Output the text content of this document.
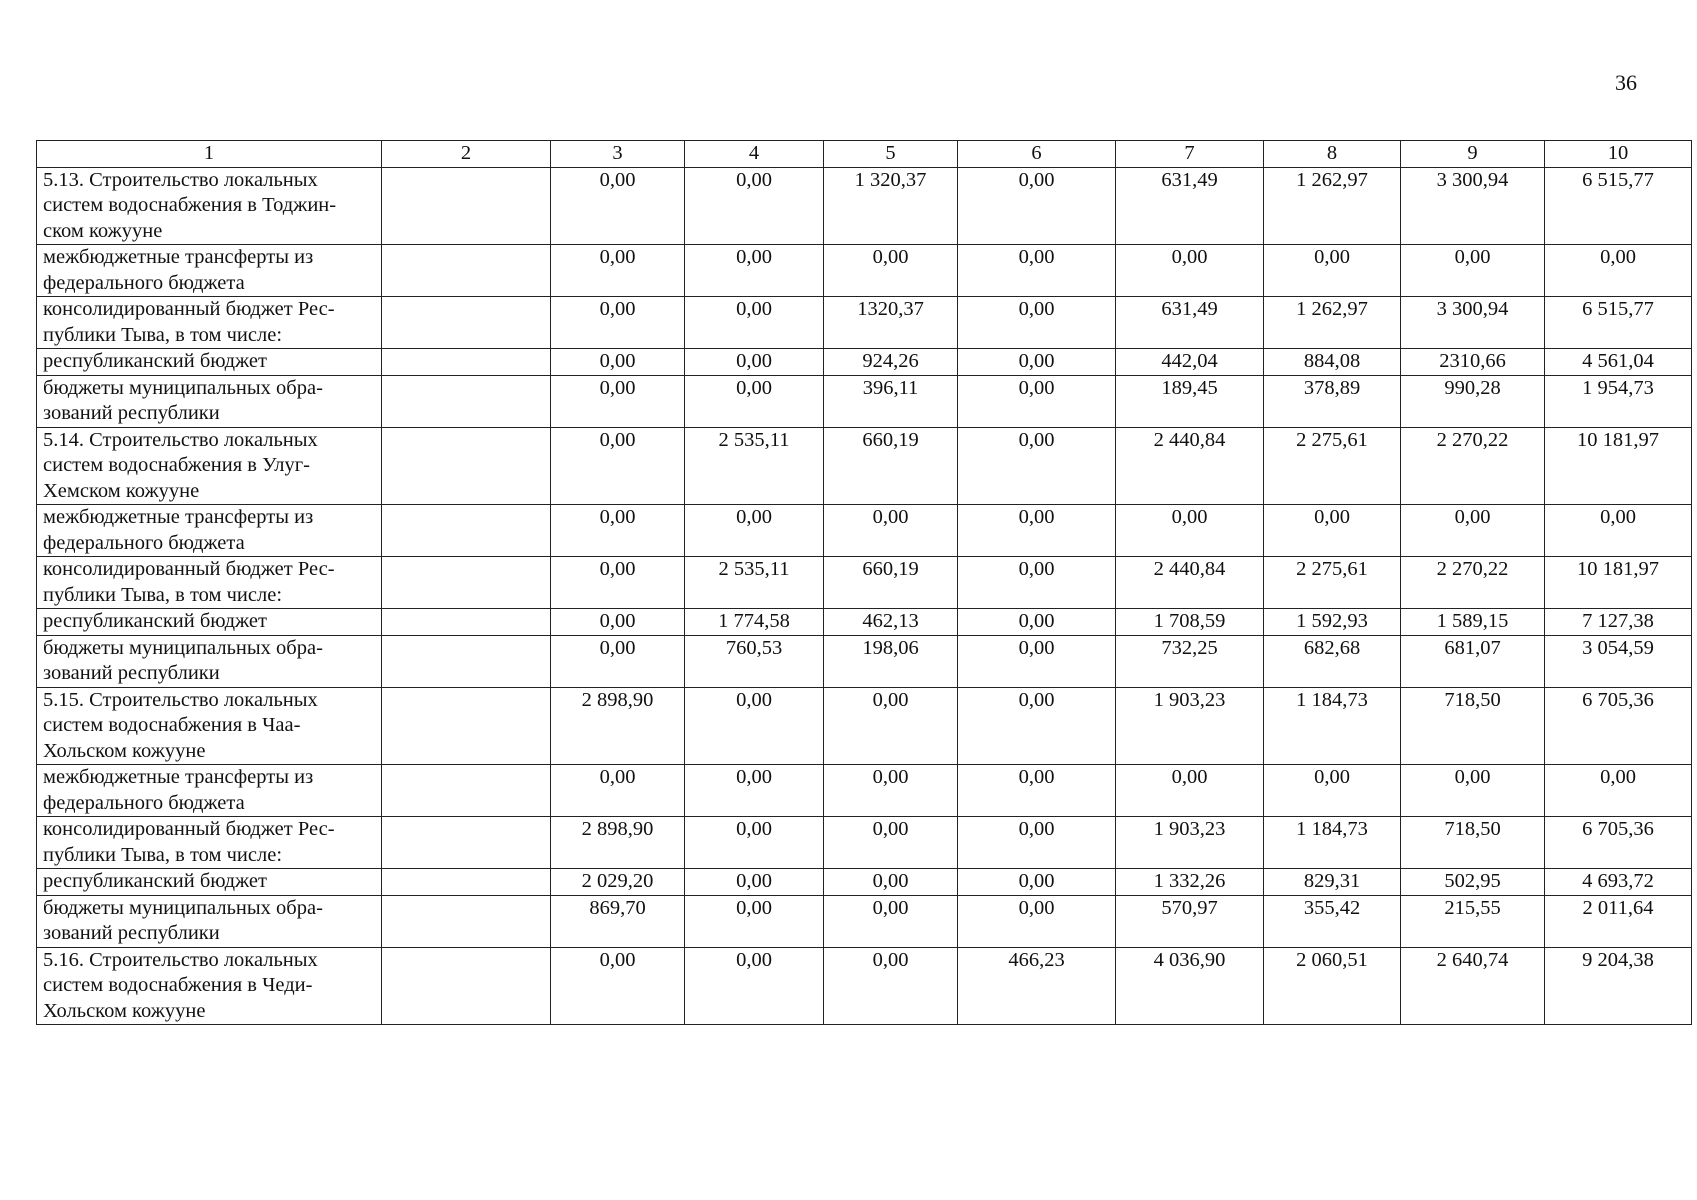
36
1	2	3	4	5	6	7	8	9	10
5.13. Строительство локальных
систем водоснабжения в Тоджин-
ском кожууне		0,00	0,00	1 320,37	0,00	631,49	1 262,97	3 300,94	6 515,77
межбюджетные трансферты из
федерального бюджета		0,00	0,00	0,00	0,00	0,00	0,00	0,00	0,00
консолидированный бюджет Рес-
публики Тыва, в том числе:		0,00	0,00	1320,37	0,00	631,49	1 262,97	3 300,94	6 515,77
республиканский бюджет		0,00	0,00	924,26	0,00	442,04	884,08	2310,66	4 561,04
бюджеты муниципальных обра-
зований республики		0,00	0,00	396,11	0,00	189,45	378,89	990,28	1 954,73
5.14. Строительство локальных
систем водоснабжения в Улуг-
Хемском кожууне		0,00	2 535,11	660,19	0,00	2 440,84	2 275,61	2 270,22	10 181,97
межбюджетные трансферты из
федерального бюджета		0,00	0,00	0,00	0,00	0,00	0,00	0,00	0,00
консолидированный бюджет Рес-
публики Тыва, в том числе:		0,00	2 535,11	660,19	0,00	2 440,84	2 275,61	2 270,22	10 181,97
республиканский бюджет		0,00	1 774,58	462,13	0,00	1 708,59	1 592,93	1 589,15	7 127,38
бюджеты муниципальных обра-
зований республики		0,00	760,53	198,06	0,00	732,25	682,68	681,07	3 054,59
5.15. Строительство локальных
систем водоснабжения в Чаа-
Хольском кожууне		2 898,90	0,00	0,00	0,00	1 903,23	1 184,73	718,50	6 705,36
межбюджетные трансферты из
федерального бюджета		0,00	0,00	0,00	0,00	0,00	0,00	0,00	0,00
консолидированный бюджет Рес-
публики Тыва, в том числе:		2 898,90	0,00	0,00	0,00	1 903,23	1 184,73	718,50	6 705,36
республиканский бюджет		2 029,20	0,00	0,00	0,00	1 332,26	829,31	502,95	4 693,72
бюджеты муниципальных обра-
зований республики		869,70	0,00	0,00	0,00	570,97	355,42	215,55	2 011,64
5.16. Строительство локальных
систем водоснабжения в Чеди-
Хольском кожууне		0,00	0,00	0,00	466,23	4 036,90	2 060,51	2 640,74	9 204,38
